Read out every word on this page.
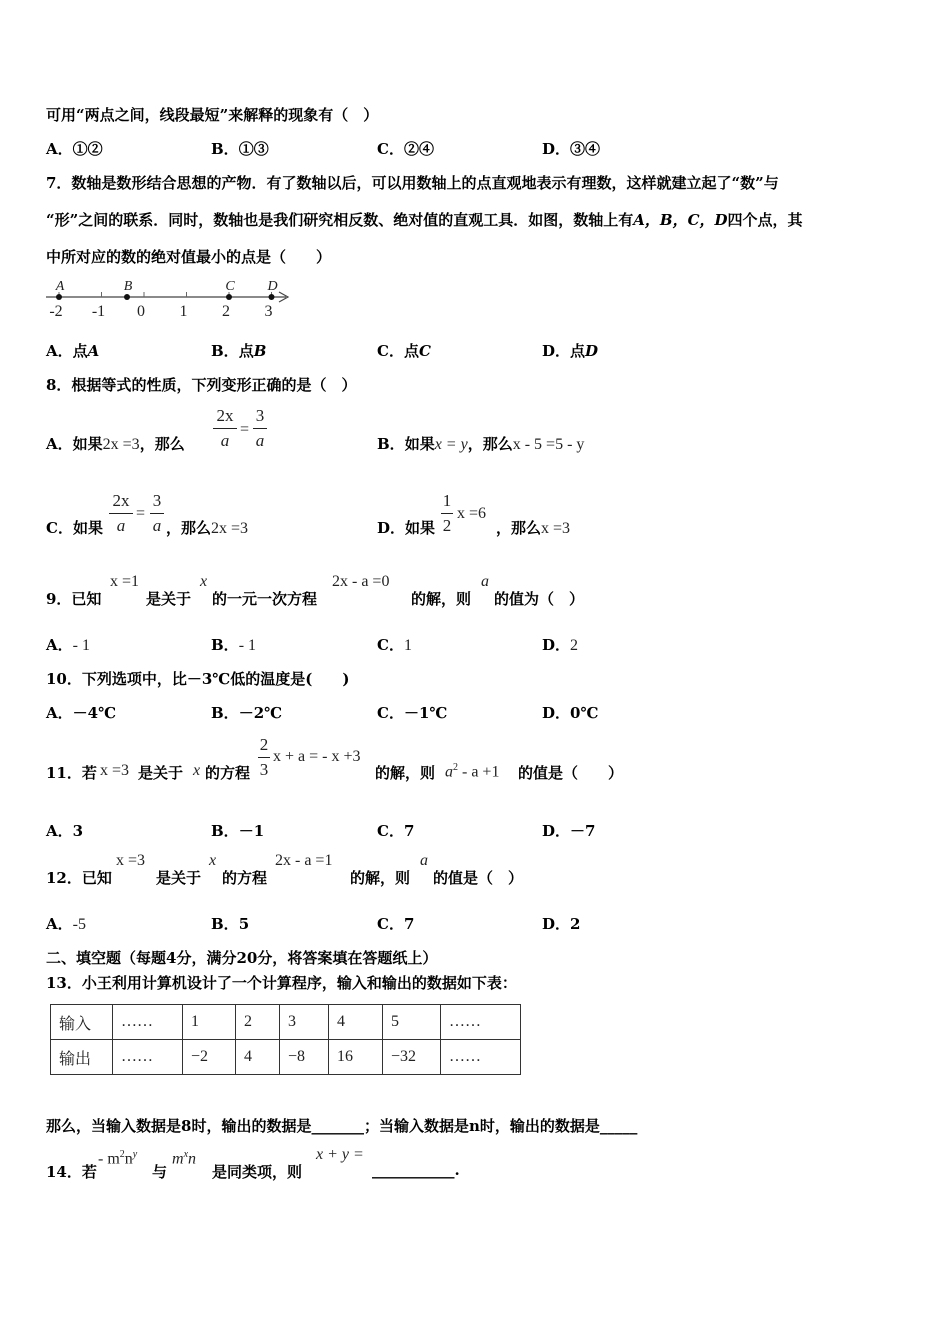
可用“两点之间，线段最短”来解释的现象有（　）
A．①②	B．①③	C．②④	D．③④
7．数轴是数形结合思想的产物．有了数轴以后，可以用数轴上的点直观地表示有理数，这样就建立起了“数”与
“形”之间的联系．同时，数轴也是我们研究相反数、绝对值的直观工具．如图，数轴上有A，B，C，D四个点，其
中所对应的数的绝对值最小的点是（　　）
-2 -1 0 1 2 3
A	B	C D
A．点A	B．点B	C．点C	D．点D
8．根据等式的性质，下列变形正确的是（　）
A．如果2x =3，那么
2x
a
=
3
a	B．如果x = y，那么x - 5 =5 - y
C．如果
2x
a
=
3
a ，那么2x =3	D．如果
1
2
x =6
，那么x =3
9．已知
x =1
是关于
x
的一元一次方程
2x - a =0
的解，则
a
的值为（　）
A．- 1	B．- 1	C．1	D．2
10．下列选项中，比－3℃低的温度是(　　)
A．－4℃	B．－2℃	C．－1℃	D．0℃
11．若 x =3 是关于 x 的方程
2
3
x + a = - x +3
的解，则 $a^2 - a +1$ 的值是（　　）
A．3	B．－1	C．7	D．－7
12．已知
x =3
是关于
x
的方程
2x - a =1
的解，则
a
的值是（　）
A．-5	B．5	C．7	D．2
二、填空题（每题4分，满分20分，将答案填在答题纸上）
13．小王利用计算机设计了一个计算程序，输入和输出的数据如下表：
输入	……	1	2	3	4	5	……
输出	……	−2	4	−8	16	−32	……
那么，当输入数据是8时，输出的数据是_______；当输入数据是n时，输出的数据是_____
14．若
- $m^2n^y$
与
$m^xn$
是同类项，则
x + y =
___________.
